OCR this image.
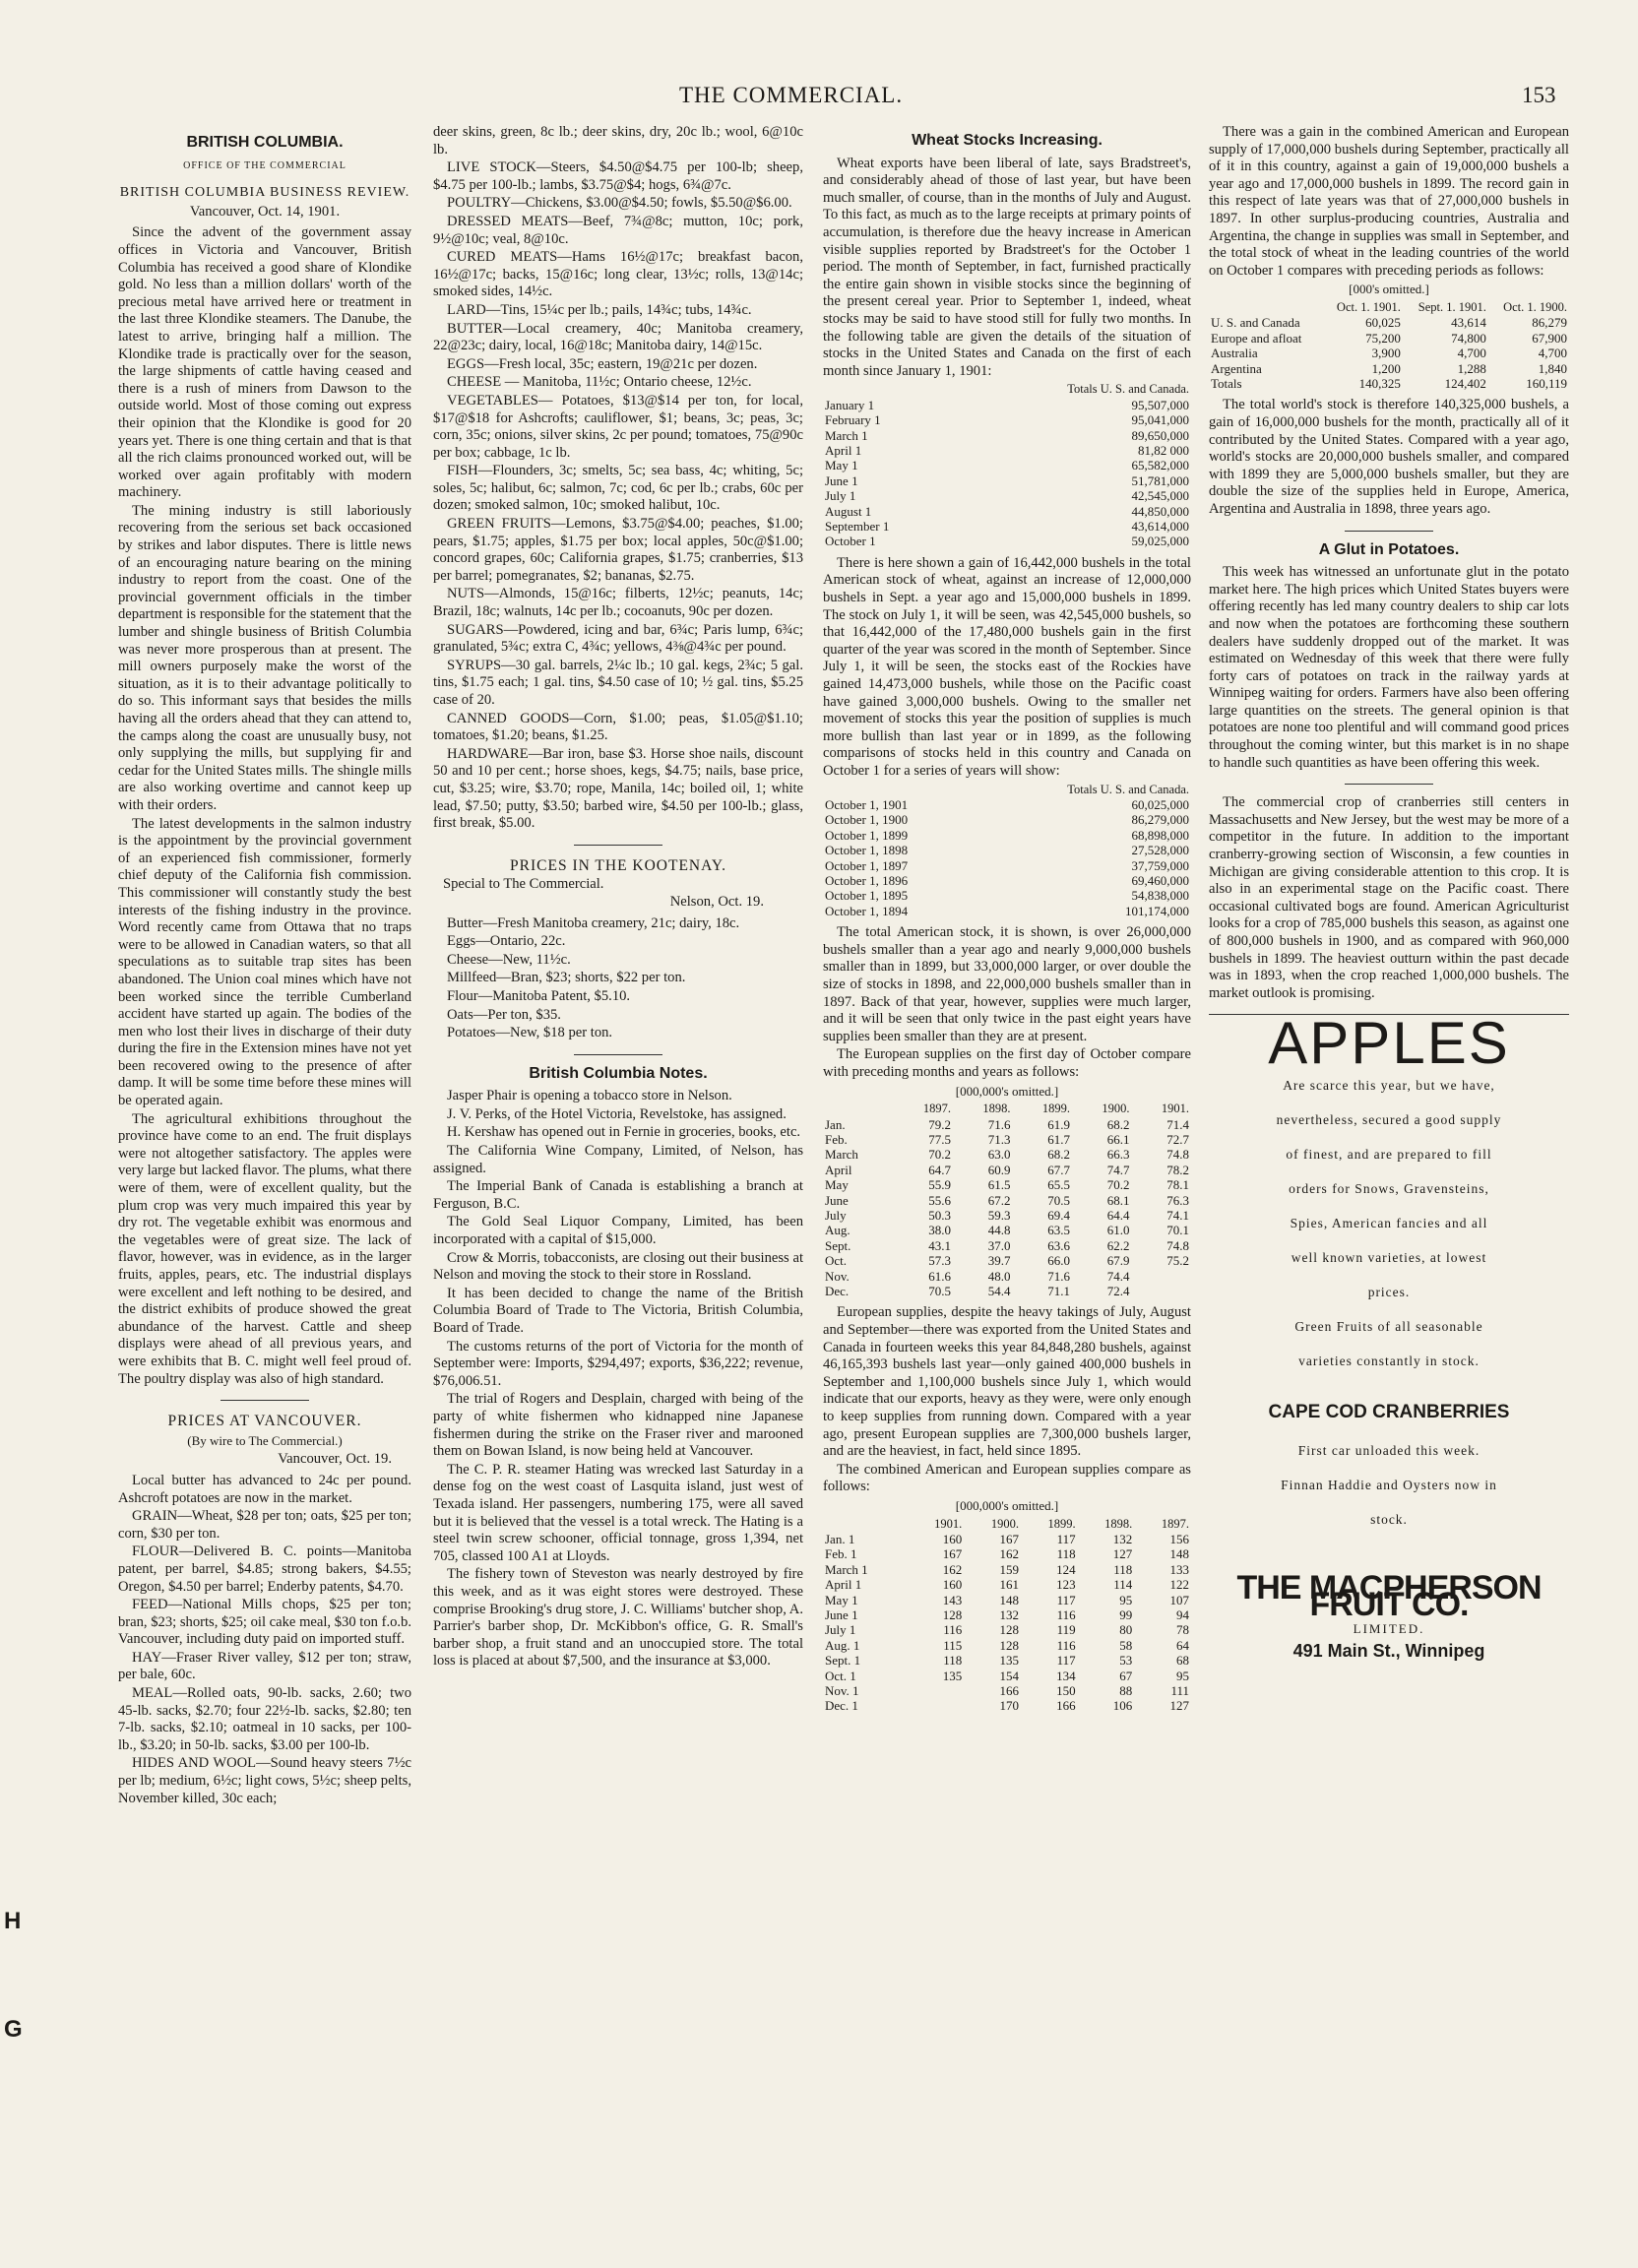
THE COMMERCIAL.	153
BRITISH COLUMBIA.
OFFICE OF THE COMMERCIAL
BRITISH COLUMBIA BUSINESS REVIEW.
Vancouver, Oct. 14, 1901.

Since the advent of the government assay offices in Victoria and Vancouver, British Columbia has received a good share of Klondike gold. No less than a million dollars' worth of the precious metal have arrived here or treatment in the last three Klondike steamers. The Danube, the latest to arrive, bringing half a million. The Klondike trade is practically over for the season, the large shipments of cattle having ceased and there is a rush of miners from Dawson to the outside world. Most of those coming out express their opinion that the Klondike is good for 20 years yet. There is one thing certain and that is that all the rich claims pronounced worked out, will be worked over again profitably with modern machinery.

The mining industry is still laboriously recovering from the serious set back occasioned by strikes and labor disputes. There is little news of an encouraging nature bearing on the mining industry to report from the coast. One of the provincial government officials in the timber department is responsible for the statement that the lumber and shingle business of British Columbia was never more prosperous than at present. The mill owners purposely make the worst of the situation, as it is to their advantage politically to do so. This informant says that besides the mills having all the orders ahead that they can attend to, the camps along the coast are unusually busy, not only supplying the mills, but supplying fir and cedar for the United States mills. The shingle mills are also working overtime and cannot keep up with their orders.

The latest developments in the salmon industry is the appointment by the provincial government of an experienced fish commissioner, formerly chief deputy of the California fish commission. This commissioner will constantly study the best interests of the fishing industry in the province. Word recently came from Ottawa that no traps were to be allowed in Canadian waters, so that all speculations as to suitable trap sites has been abandoned. The Union coal mines which have not been worked since the terrible Cumberland accident have started up again. The bodies of the men who lost their lives in discharge of their duty during the fire in the Extension mines have not yet been recovered owing to the presence of after damp. It will be some time before these mines will be operated again.

The agricultural exhibitions throughout the province have come to an end. The fruit displays were not altogether satisfactory. The apples were very large but lacked flavor. The plums, what there were of them, were of excellent quality, but the plum crop was very much impaired this year by dry rot. The vegetable exhibit was enormous and the vegetables were of great size. The lack of flavor, however, was in evidence, as in the larger fruits, apples, pears, etc. The industrial displays were excellent and left nothing to be desired, and the district exhibits of produce showed the great abundance of the harvest. Cattle and sheep displays were ahead of all previous years, and were exhibits that B. C. might well feel proud of. The poultry display was also of high standard.

PRICES AT VANCOUVER.
(By wire to The Commercial.)
Vancouver, Oct. 19.

Local butter has advanced to 24c per pound. Ashcroft potatoes are now in the market.

GRAIN—Wheat, $28 per ton; oats, $25 per ton; corn, $30 per ton.

FLOUR—Delivered B. C. points—Manitoba patent, per barrel, $4.85; strong bakers, $4.55; Oregon, $4.50 per barrel; Enderby patents, $4.70.

FEED—National Mills chops, $25 per ton; bran, $23; shorts, $25; oil cake meal, $30 ton f.o.b. Vancouver, including duty paid on imported stuff.

HAY—Fraser River valley, $12 per ton; straw, per bale, 60c.

MEAL—Rolled oats, 90-lb. sacks, 2.60; two 45-lb. sacks, $2.70; four 22½-lb. sacks, $2.80; ten 7-lb. sacks, $2.10; oatmeal in 10 sacks, per 100-lb., $3.20; in 50-lb. sacks, $3.00 per 100-lb.

HIDES AND WOOL—Sound heavy steers 7½c per lb; medium, 6½c; light cows, 5½c; sheep pelts, November killed, 30c each;

deer skins, green, 8c lb.; deer skins, dry, 20c lb.; wool, 6@10c lb.

LIVE STOCK—Steers, $4.50@$4.75 per 100-lb; sheep, $4.75 per 100-lb.; lambs, $3.75@$4; hogs, 6¾@7c.

POULTRY—Chickens, $3.00@$4.50; fowls, $5.50@$6.00.

DRESSED MEATS—Beef, 7¾@8c; mutton, 10c; pork, 9½@10c; veal, 8@10c.

CURED MEATS—Hams 16½@17c; breakfast bacon, 16½@17c; backs, 15@16c; long clear, 13½c; rolls, 13@14c; smoked sides, 14½c.

LARD—Tins, 15¼c per lb.; pails, 14¾c; tubs, 14¾c.

BUTTER—Local creamery, 40c; Manitoba creamery, 22@23c; dairy, local, 16@18c; Manitoba dairy, 14@15c.

EGGS—Fresh local, 35c; eastern, 19@21c per dozen.

CHEESE — Manitoba, 11½c; Ontario cheese, 12½c.

VEGETABLES— Potatoes, $13@$14 per ton, for local, $17@$18 for Ashcrofts; cauliflower, $1; beans, 3c; peas, 3c; corn, 35c; onions, silver skins, 2c per pound; tomatoes, 75@90c per box; cabbage, 1c lb.

FISH—Flounders, 3c; smelts, 5c; sea bass, 4c; whiting, 5c; soles, 5c; halibut, 6c; salmon, 7c; cod, 6c per lb.; crabs, 60c per dozen; smoked salmon, 10c; smoked halibut, 10c.

GREEN FRUITS—Lemons, $3.75@$4.00; peaches, $1.00; pears, $1.75; apples, $1.75 per box; local apples, 50c@$1.00; concord grapes, 60c; California grapes, $1.75; cranberries, $13 per barrel; pomegranates, $2; bananas, $2.75.

NUTS—Almonds, 15@16c; filberts, 12½c; peanuts, 14c; Brazil, 18c; walnuts, 14c per lb.; cocoanuts, 90c per dozen.

SUGARS—Powdered, icing and bar, 6¾c; Paris lump, 6¾c; granulated, 5¾c; extra C, 4¾c; yellows, 4⅜@4¾c per pound.

SYRUPS—30 gal. barrels, 2¼c lb.; 10 gal. kegs, 2¾c; 5 gal. tins, $1.75 each; 1 gal. tins, $4.50 case of 10; ½ gal. tins, $5.25 case of 20.

CANNED GOODS—Corn, $1.00; peas, $1.05@$1.10; tomatoes, $1.20; beans, $1.25.

HARDWARE—Bar iron, base $3. Horse shoe nails, discount 50 and 10 per cent.; horse shoes, kegs, $4.75; nails, base price, cut, $3.25; wire, $3.70; rope, Manila, 14c; boiled oil, 1; white lead, $7.50; putty, $3.50; barbed wire, $4.50 per 100-lb.; glass, first break, $5.00.

PRICES IN THE KOOTENAY.
Special to The Commercial.
Nelson, Oct. 19.

Butter—Fresh Manitoba creamery, 21c; dairy, 18c.

Eggs—Ontario, 22c.

Cheese—New, 11½c.

Millfeed—Bran, $23; shorts, $22 per ton.

Flour—Manitoba Patent, $5.10.

Oats—Per ton, $35.

Potatoes—New, $18 per ton.

British Columbia Notes.

Jasper Phair is opening a tobacco store in Nelson.

J. V. Perks, of the Hotel Victoria, Revelstoke, has assigned.

H. Kershaw has opened out in Fernie in groceries, books, etc.

The California Wine Company, Limited, of Nelson, has assigned.

The Imperial Bank of Canada is establishing a branch at Ferguson, B.C.

The Gold Seal Liquor Company, Limited, has been incorporated with a capital of $15,000.

Crow & Morris, tobacconists, are closing out their business at Nelson and moving the stock to their store in Rossland.

It has been decided to change the name of the British Columbia Board of Trade to The Victoria, British Columbia, Board of Trade.

The customs returns of the port of Victoria for the month of September were: Imports, $294,497; exports, $36,222; revenue, $76,006.51.

The trial of Rogers and Desplain, charged with being of the party of white fishermen who kidnapped nine Japanese fishermen during the strike on the Fraser river and marooned them on Bowan Island, is now being held at Vancouver.

The C. P. R. steamer Hating was wrecked last Saturday in a dense fog on the west coast of Lasquita island, just west of Texada island. Her passengers, numbering 175, were all saved but it is believed that the vessel is a total wreck. The Hating is a steel twin screw schooner, official tonnage, gross 1,394, net 705, classed 100 A1 at Lloyds.

The fishery town of Steveston was nearly destroyed by fire this week, and as it was eight stores were destroyed. These comprise Brooking's drug store, J. C. Williams' butcher shop, A. Parrier's barber shop, Dr. McKibbon's office, G. R. Small's barber shop, a fruit stand and an unoccupied store. The total loss is placed at about $7,500, and the insurance at $3,000.

Wheat Stocks Increasing.

Wheat exports have been liberal of late, says Bradstreet's, and considerably ahead of those of last year, but have been much smaller, of course, than in the months of July and August. To this fact, as much as to the large receipts at primary points of accumulation, is therefore due the heavy increase in American visible supplies reported by Bradstreet's for the October 1 period. The month of September, in fact, furnished practically the entire gain shown in visible stocks since the beginning of the present cereal year. Prior to September 1, indeed, wheat stocks may be said to have stood still for fully two months. In the following table are given the details of the situation of stocks in the United States and Canada on the first of each month since January 1, 1901:

	Totals U. S. and Canada.
January 1	95,507,000
February 1	95,041,000
March 1	89,650,000
April 1	81,82 000
May 1	65,582,000
June 1	51,781,000
July 1	42,545,000
August 1	44,850,000
September 1	43,614,000
October 1	59,025,000

There is here shown a gain of 16,442,000 bushels in the total American stock of wheat, against an increase of 12,000,000 bushels in Sept. a year ago and 15,000,000 bushels in 1899. The stock on July 1, it will be seen, was 42,545,000 bushels, so that 16,442,000 of the 17,480,000 bushels gain in the first quarter of the year was scored in the month of September. Since July 1, it will be seen, the stocks east of the Rockies have gained 14,473,000 bushels, while those on the Pacific coast have gained 3,000,000 bushels. Owing to the smaller net movement of stocks this year the position of supplies is much more bullish than last year or in 1899, as the following comparisons of stocks held in this country and Canada on October 1 for a series of years will show:

	Totals U. S. and Canada.
October 1, 1901	60,025,000
October 1, 1900	86,279,000
October 1, 1899	68,898,000
October 1, 1898	27,528,000
October 1, 1897	37,759,000
October 1, 1896	69,460,000
October 1, 1895	54,838,000
October 1, 1894	101,174,000

The total American stock, it is shown, is over 26,000,000 bushels smaller than a year ago and nearly 9,000,000 bushels smaller than in 1899, but 33,000,000 larger, or over double the size of stocks in 1898, and 22,000,000 bushels smaller than in 1897. Back of that year, however, supplies were much larger, and it will be seen that only twice in the past eight years have supplies been smaller than they are at present.

The European supplies on the first day of October compare with preceding months and years as follows:

[000,000's omitted.]
	1897.	1898.	1899.	1900.	1901.
Jan.	79.2	71.6	61.9	68.2	71.4
Feb.	77.5	71.3	61.7	66.1	72.7
March	70.2	63.0	68.2	66.3	74.8
April	64.7	60.9	67.7	74.7	78.2
May	55.9	61.5	65.5	70.2	78.1
June	55.6	67.2	70.5	68.1	76.3
July	50.3	59.3	69.4	64.4	74.1
Aug.	38.0	44.8	63.5	61.0	70.1
Sept.	43.1	37.0	63.6	62.2	74.8
Oct.	57.3	39.7	66.0	67.9	75.2
Nov.	61.6	48.0	71.6	74.4	
Dec.	70.5	54.4	71.1	72.4	

European supplies, despite the heavy takings of July, August and September—there was exported from the United States and Canada in fourteen weeks this year 84,848,280 bushels, against 46,165,393 bushels last year—only gained 400,000 bushels in September and 1,100,000 bushels since July 1, which would indicate that our exports, heavy as they were, were only enough to keep supplies from running down. Compared with a year ago, present European supplies are 7,300,000 bushels larger, and are the heaviest, in fact, held since 1895.

The combined American and European supplies compare as follows:

[000,000's omitted.]
	1901.	1900.	1899.	1898.	1897.
Jan. 1	160	167	117	132	156
Feb. 1	167	162	118	127	148
March 1	162	159	124	118	133
April 1	160	161	123	114	122
May 1	143	148	117	95	107
June 1	128	132	116	99	94
July 1	116	128	119	80	78
Aug. 1	115	128	116	58	64
Sept. 1	118	135	117	53	68
Oct. 1	135	154	134	67	95
Nov. 1		166	150	88	111
Dec. 1		170	166	106	127

There was a gain in the combined American and European supply of 17,000,000 bushels during September, practically all of it in this country, against a gain of 19,000,000 bushels a year ago and 17,000,000 bushels in 1899. The record gain in this respect of late years was that of 27,000,000 bushels in 1897. In other surplus-producing countries, Australia and Argentina, the change in supplies was small in September, and the total stock of wheat in the leading countries of the world on October 1 compares with preceding periods as follows:

[000's omitted.]
	Oct. 1. 1901.	Sept. 1. 1901.	Oct. 1. 1900.
U. S. and Canada	60,025	43,614	86,279
Europe and afloat	75,200	74,800	67,900
Australia	3,900	4,700	4,700
Argentina	1,200	1,288	1,840
Totals	140,325	124,402	160,119

The total world's stock is therefore 140,325,000 bushels, a gain of 16,000,000 bushels for the month, practically all of it contributed by the United States. Compared with a year ago, world's stocks are 20,000,000 bushels smaller, and compared with 1899 they are 5,000,000 bushels smaller, but they are double the size of the supplies held in Europe, America, Argentina and Australia in 1898, three years ago.

A Glut in Potatoes.

This week has witnessed an unfortunate glut in the potato market here. The high prices which United States buyers were offering recently has led many country dealers to ship car lots and now when the potatoes are forthcoming these southern dealers have suddenly dropped out of the market. It was estimated on Wednesday of this week that there were fully forty cars of potatoes on track in the railway yards at Winnipeg waiting for orders. Farmers have also been offering large quantities on the streets. The general opinion is that potatoes are none too plentiful and will command good prices throughout the coming winter, but this market is in no shape to handle such quantities as have been offering this week.

The commercial crop of cranberries still centers in Massachusetts and New Jersey, but the west may be more of a competitor in the future. In addition to the important cranberry-growing section of Wisconsin, a few counties in Michigan are giving considerable attention to this crop. It is also in an experimental stage on the Pacific coast. There occasional cultivated bogs are found. American Agriculturist looks for a crop of 785,000 bushels this season, as against one of 800,000 bushels in 1900, and as compared with 960,000 bushels in 1899. The heaviest outturn within the past decade was in 1893, when the crop reached 1,000,000 bushels. The market outlook is promising.

APPLES
Are scarce this year, but we have,
nevertheless, secured a good supply
of finest, and are prepared to fill
orders for Snows, Gravensteins,
Spies, American fancies and all
well known varieties, at lowest
prices.
Green Fruits of all seasonable
varieties constantly in stock.
CAPE COD CRANBERRIES
First car unloaded this week.
Finnan Haddie and Oysters now in
stock.
THE MACPHERSON FRUIT CO.
LIMITED.
491 Main St., Winnipeg
H
G
